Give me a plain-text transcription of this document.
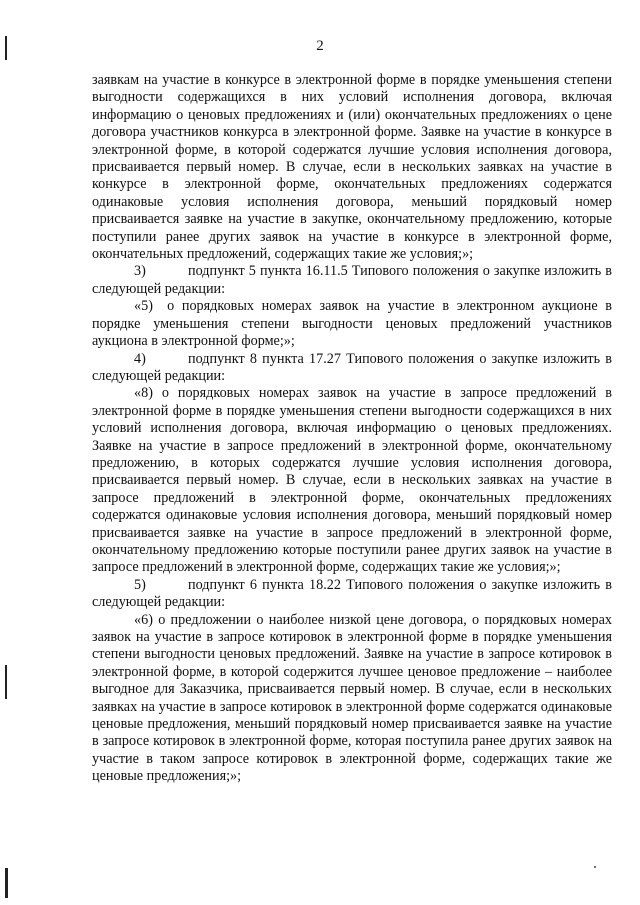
2

заявкам на участие в конкурсе в электронной форме в порядке уменьшения степени выгодности содержащихся в них условий исполнения договора, включая информацию о ценовых предложениях и (или) окончательных предложениях о цене договора участников конкурса в электронной форме. Заявке на участие в конкурсе в электронной форме, в которой содержатся лучшие условия исполнения договора, присваивается первый номер. В случае, если в нескольких заявках на участие в конкурсе в электронной форме, окончательных предложениях содержатся одинаковые условия исполнения договора, меньший порядковый номер присваивается заявке на участие в закупке, окончательному предложению, которые поступили ранее других заявок на участие в конкурсе в электронной форме, окончательных предложений, содержащих такие же условия;»;

3)	подпункт 5 пункта 16.11.5 Типового положения о закупке изложить в следующей редакции:

«5) о порядковых номерах заявок на участие в электронном аукционе в порядке уменьшения степени выгодности ценовых предложений участников аукциона в электронной форме;»;

4)	подпункт 8 пункта 17.27 Типового положения о закупке изложить в следующей редакции:

«8) о порядковых номерах заявок на участие в запросе предложений в электронной форме в порядке уменьшения степени выгодности содержащихся в них условий исполнения договора, включая информацию о ценовых предложениях. Заявке на участие в запросе предложений в электронной форме, окончательному предложению, в которых содержатся лучшие условия исполнения договора, присваивается первый номер. В случае, если в нескольких заявках на участие в запросе предложений в электронной форме, окончательных предложениях содержатся одинаковые условия исполнения договора, меньший порядковый номер присваивается заявке на участие в запросе предложений в электронной форме, окончательному предложению которые поступили ранее других заявок на участие в запросе предложений в электронной форме, содержащих такие же условия;»;

5)	подпункт 6 пункта 18.22 Типового положения о закупке изложить в следующей редакции:

«6) о предложении о наиболее низкой цене договора, о порядковых номерах заявок на участие в запросе котировок в электронной форме в порядке уменьшения степени выгодности ценовых предложений. Заявке на участие в запросе котировок в электронной форме, в которой содержится лучшее ценовое предложение – наиболее выгодное для Заказчика, присваивается первый номер. В случае, если в нескольких заявках на участие в запросе котировок в электронной форме содержатся одинаковые ценовые предложения, меньший порядковый номер присваивается заявке на участие в запросе котировок в электронной форме, которая поступила ранее других заявок на участие в таком запросе котировок в электронной форме, содержащих такие же ценовые предложения;»;
